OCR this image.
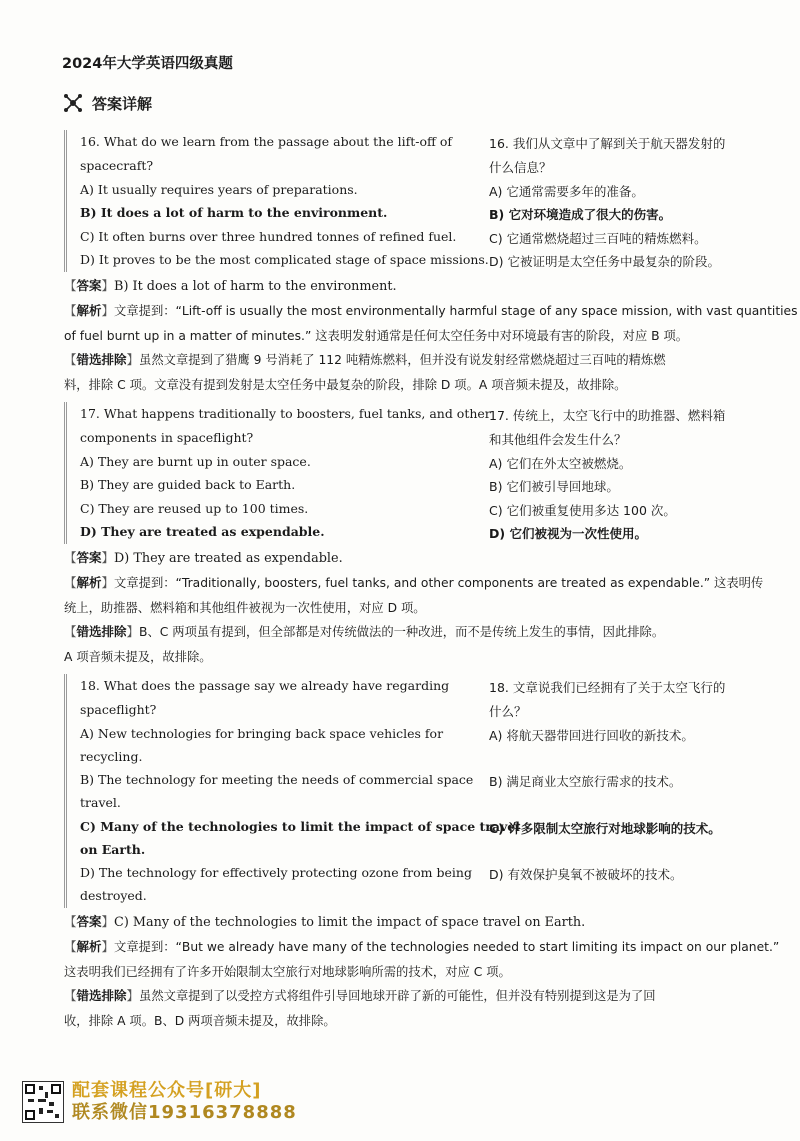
2024年大学英语四级真题
答案详解
16. What do we learn from the passage about the lift-off of
spacecraft?
A) It usually requires years of preparations.
B) It does a lot of harm to the environment.
C) It often burns over three hundred tonnes of refined fuel.
D) It proves to be the most complicated stage of space missions.
16. 我们从文章中了解到关于航天器发射的
什么信息？
A) 它通常需要多年的准备。
B) 它对环境造成了很大的伤害。
C) 它通常燃烧超过三百吨的精炼燃料。
D) 它被证明是太空任务中最复杂的阶段。
【答案】B) It does a lot of harm to the environment.
【解析】文章提到：“Lift-off is usually the most environmentally harmful stage of any space mission, with vast quantities
of fuel burnt up in a matter of minutes.” 这表明发射通常是任何太空任务中对环境最有害的阶段，对应 B 项。
【错选排除】虽然文章提到了猎鹰 9 号消耗了 112 吨精炼燃料，但并没有说发射经常燃烧超过三百吨的精炼燃
料，排除 C 项。文章没有提到发射是太空任务中最复杂的阶段，排除 D 项。A 项音频未提及，故排除。
17. What happens traditionally to boosters, fuel tanks, and other
components in spaceflight?
A) They are burnt up in outer space.
B) They are guided back to Earth.
C) They are reused up to 100 times.
D) They are treated as expendable.
17. 传统上，太空飞行中的助推器、燃料箱
和其他组件会发生什么？
A) 它们在外太空被燃烧。
B) 它们被引导回地球。
C) 它们被重复使用多达 100 次。
D) 它们被视为一次性使用。
【答案】D) They are treated as expendable.
【解析】文章提到：“Traditionally, boosters, fuel tanks, and other components are treated as expendable.” 这表明传
统上，助推器、燃料箱和其他组件被视为一次性使用，对应 D 项。
【错选排除】B、C 两项虽有提到，但全部都是对传统做法的一种改进，而不是传统上发生的事情，因此排除。
A 项音频未提及，故排除。
18. What does the passage say we already have regarding
spaceflight?
A) New technologies for bringing back space vehicles for
recycling.
B) The technology for meeting the needs of commercial space
travel.
C) Many of the technologies to limit the impact of space travel
on Earth.
D) The technology for effectively protecting ozone from being
destroyed.
18. 文章说我们已经拥有了关于太空飞行的
什么？
A) 将航天器带回进行回收的新技术。
B) 满足商业太空旅行需求的技术。
C) 许多限制太空旅行对地球影响的技术。
D) 有效保护臭氧不被破坏的技术。
【答案】C) Many of the technologies to limit the impact of space travel on Earth.
【解析】文章提到：“But we already have many of the technologies needed to start limiting its impact on our planet.”
这表明我们已经拥有了许多开始限制太空旅行对地球影响所需的技术，对应 C 项。
【错选排除】虽然文章提到了以受控方式将组件引导回地球开辟了新的可能性，但并没有特别提到这是为了回
收，排除 A 项。B、D 两项音频未提及，故排除。
配套课程公众号[研大]
联系微信19316378888
